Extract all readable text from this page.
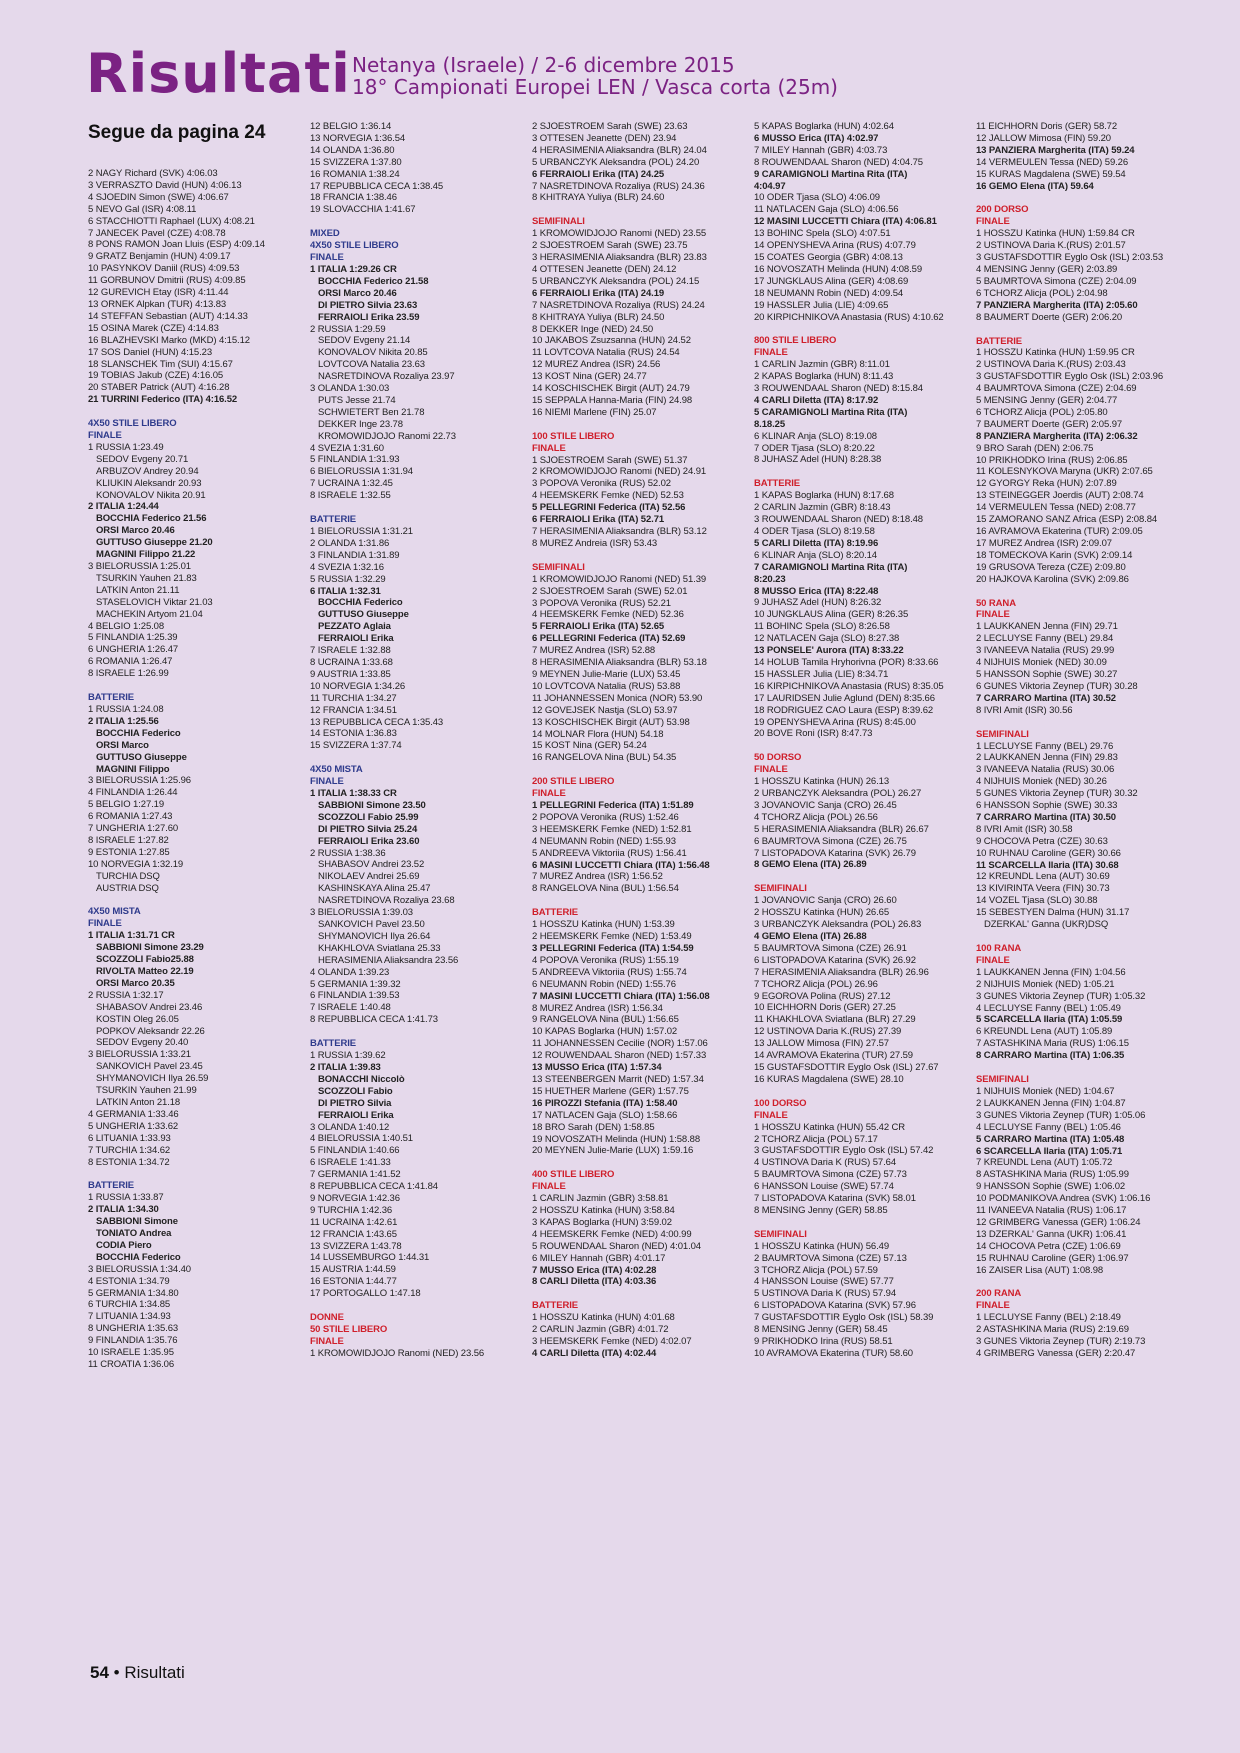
Risultati Netanya (Israele) / 2-6 dicembre 2015
18° Campionati Europei LEN / Vasca corta (25m)
Segue da pagina 24
2 NAGY Richard (SVK) 4:06.03
3 VERRASZTO David (HUN) 4:06.13
4 SJOEDIN Simon (SWE) 4:06.67
5 NEVO Gal (ISR) 4:08.11
6 STACCHIOTTI Raphael (LUX) 4:08.21
7 JANECEK Pavel (CZE) 4:08.78
8 PONS RAMON Joan Lluis (ESP) 4:09.14
9 GRATZ Benjamin (HUN) 4:09.17
10 PASYNKOV Daniil (RUS) 4:09.53
11 GORBUNOV Dmitrii (RUS) 4:09.85
12 GUREVICH Etay (ISR) 4:11.44
13 ORNEK Alpkan (TUR) 4:13.83
14 STEFFAN Sebastian (AUT) 4:14.33
15 OSINA Marek (CZE) 4:14.83
16 BLAZHEVSKI Marko (MKD) 4:15.12
17 SOS Daniel (HUN) 4:15.23
18 SLANSCHEK Tim (SUI) 4:15.67
19 TOBIAS Jakub (CZE) 4:16.05
20 STABER Patrick (AUT) 4:16.28
21 TURRINI Federico (ITA) 4:16.52
4X50 STILE LIBERO
FINALE
1 RUSSIA 1:23.49
SEDOV Evgeny 20.71
ARBUZOV Andrey 20.94
KLIUKIN Aleksandr 20.93
KONOVALOV Nikita 20.91
2 ITALIA 1:24.44
BOCCHIA Federico 21.56
ORSI Marco 20.46
GUTTUSO Giuseppe 21.20
MAGNINI Filippo 21.22
3 BIELORUSSIA 1:25.01
TSURKIN Yauhen 21.83
LATKIN Anton 21.11
STASELOVICH Viktar 21.03
MACHEKIN Artyom 21.04
4 BELGIO 1:25.08
5 FINLANDIA 1:25.39
6 UNGHERIA 1:26.47
6 ROMANIA 1:26.47
8 ISRAELE 1:26.99
BATTERIE
1 RUSSIA 1:24.08
2 ITALIA 1:25.56
BOCCHIA Federico
ORSI Marco
GUTTUSO Giuseppe
MAGNINI Filippo
3 BIELORUSSIA 1:25.96
4 FINLANDIA 1:26.44
5 BELGIO 1:27.19
6 ROMANIA 1:27.43
7 UNGHERIA 1:27.60
8 ISRAELE 1:27.82
9 ESTONIA 1:27.85
10 NORVEGIA 1:32.19
TURCHIA DSQ
AUSTRIA DSQ
4X50 MISTA
FINALE
1 ITALIA 1:31.71 CR
SABBIONI Simone 23.29
SCOZZOLI Fabio25.88
RIVOLTA Matteo 22.19
ORSI Marco 20.35
2 RUSSIA 1:32.17
SHABASOV Andrei 23.46
KOSTIN Oleg 26.05
POPKOV Aleksandr 22.26
SEDOV Evgeny 20.40
3 BIELORUSSIA 1:33.21
SANKOVICH Pavel 23.45
SHYMANOVICH Ilya 26.59
TSURKIN Yauhen 21.99
LATKIN Anton 21.18
4 GERMANIA 1:33.46
5 UNGHERIA 1:33.62
6 LITUANIA 1:33.93
7 TURCHIA 1:34.62
8 ESTONIA 1:34.72
BATTERIE
1 RUSSIA 1:33.87
2 ITALIA 1:34.30
SABBIONI Simone
TONIATO Andrea
CODIA Piero
BOCCHIA Federico
3 BIELORUSSIA 1:34.40
4 ESTONIA 1:34.79
5 GERMANIA 1:34.80
6 TURCHIA 1:34.85
7 LITUANIA 1:34.93
8 UNGHERIA 1:35.63
9 FINLANDIA 1:35.76
10 ISRAELE 1:35.95
11 CROATIA 1:36.06
12 BELGIO 1:36.14
13 NORVEGIA 1:36.54
14 OLANDA 1:36.80
15 SVIZZERA 1:37.80
16 ROMANIA 1:38.24
17 REPUBBLICA CECA 1:38.45
18 FRANCIA 1:38.46
19 SLOVACCHIA 1:41.67
MIXED
4X50 STILE LIBERO
FINALE
1 ITALIA 1:29.26 CR
BOCCHIA Federico 21.58
ORSI Marco 20.46
DI PIETRO Silvia 23.63
FERRAIOLI Erika 23.59
2 RUSSIA 1:29.59
SEDOV Evgeny 21.14
KONOVALOV Nikita 20.85
LOVTCOVA Natalia 23.63
NASRETDINOVA Rozaliya 23.97
3 OLANDA 1:30.03
PUTS Jesse 21.74
SCHWIETERT Ben 21.78
DEKKER Inge 23.78
KROMOWIDJOJO Ranomi 22.73
4 SVEZIA 1:31.60
5 FINLANDIA 1:31.93
6 BIELORUSSIA 1:31.94
7 UCRAINA 1:32.45
8 ISRAELE 1:32.55
BATTERIE
1 BIELORUSSIA 1:31.21
2 OLANDA 1:31.86
3 FINLANDIA 1:31.89
4 SVEZIA 1:32.16
5 RUSSIA 1:32.29
6 ITALIA 1:32.31
BOCCHIA Federico
GUTTUSO Giuseppe
PEZZATO Aglaia
FERRAIOLI Erika
7 ISRAELE 1:32.88
8 UCRAINA 1:33.68
9 AUSTRIA 1:33.85
10 NORVEGIA 1:34.26
11 TURCHIA 1:34.27
12 FRANCIA 1:34.51
13 REPUBBLICA CECA 1:35.43
14 ESTONIA 1:36.83
15 SVIZZERA 1:37.74
4X50 MISTA
FINALE
1 ITALIA 1:38.33 CR
SABBIONI Simone 23.50
SCOZZOLI Fabio 25.99
DI PIETRO Silvia 25.24
FERRAIOLI Erika 23.60
2 RUSSIA 1:38.36
SHABASOV Andrei 23.52
NIKOLAEV Andrei 25.69
KASHINSKAYA Alina 25.47
NASRETDINOVA Rozaliya 23.68
3 BIELORUSSIA 1:39.03
SANKOVICH Pavel 23.50
SHYMANOVICH Ilya 26.64
KHAKHLOVA Sviatlana 25.33
HERASIMENIA Aliaksandra 23.56
4 OLANDA 1:39.23
5 GERMANIA 1:39.32
6 FINLANDIA 1:39.53
7 ISRAELE 1:40.48
8 REPUBBLICA CECA 1:41.73
BATTERIE
1 RUSSIA 1:39.62
2 ITALIA 1:39.83
BONACCHI Niccolò
SCOZZOLI Fabio
DI PIETRO Silvia
FERRAIOLI Erika
3 OLANDA 1:40.12
4 BIELORUSSIA 1:40.51
5 FINLANDIA 1:40.66
6 ISRAELE 1:41.33
7 GERMANIA 1:41.52
8 REPUBBLICA CECA 1:41.84
9 NORVEGIA 1:42.36
9 TURCHIA 1:42.36
11 UCRAINA 1:42.61
12 FRANCIA 1:43.65
13 SVIZZERA 1:43.78
14 LUSSEMBURGO 1:44.31
15 AUSTRIA 1:44.59
16 ESTONIA 1:44.77
17 PORTOGALLO 1:47.18
DONNE
50 STILE LIBERO
FINALE
1 KROMOWIDJOJO Ranomi (NED) 23.56
2 SJOESTROEM Sarah (SWE) 23.63
3 OTTESEN Jeanette (DEN) 23.94
4 HERASIMENIA Aliaksandra (BLR) 24.04
5 URBANCZYK Aleksandra (POL) 24.20
6 FERRAIOLI Erika (ITA) 24.25
7 NASRETDINOVA Rozaliya (RUS) 24.36
8 KHITRAYA Yuliya (BLR) 24.60
SEMIFINALI
1 KROMOWIDJOJO Ranomi (NED) 23.55
2 SJOESTROEM Sarah (SWE) 23.75
3 HERASIMENIA Aliaksandra (BLR) 23.83
4 OTTESEN Jeanette (DEN) 24.12
5 URBANCZYK Aleksandra (POL) 24.15
6 FERRAIOLI Erika (ITA) 24.19
7 NASRETDINOVA Rozaliya (RUS) 24.24
8 KHITRAYA Yuliya (BLR) 24.50
8 DEKKER Inge (NED) 24.50
10 JAKABOS Zsuzsanna (HUN) 24.52
11 LOVTCOVA Natalia (RUS) 24.54
12 MUREZ Andrea (ISR) 24.56
13 KOST Nina (GER) 24.77
14 KOSCHISCHEK Birgit (AUT) 24.79
15 SEPPALA Hanna-Maria (FIN) 24.98
16 NIEMI Marlene (FIN) 25.07
100 STILE LIBERO
FINALE
1 SJOESTROEM Sarah (SWE) 51.37
2 KROMOWIDJOJO Ranomi (NED) 24.91
3 POPOVA Veronika (RUS) 52.02
4 HEEMSKERK Femke (NED) 52.53
5 PELLEGRINI Federica (ITA) 52.56
6 FERRAIOLI Erika (ITA) 52.71
7 HERASIMENIA Aliaksandra (BLR) 53.12
8 MUREZ Andreia (ISR) 53.43
SEMIFINALI
1 KROMOWIDJOJO Ranomi (NED) 51.39
2 SJOESTROEM Sarah (SWE) 52.01
3 POPOVA Veronika (RUS) 52.21
4 HEEMSKERK Femke (NED) 52.36
5 FERRAIOLI Erika (ITA) 52.65
6 PELLEGRINI Federica (ITA) 52.69
7 MUREZ Andrea (ISR) 52.88
8 HERASIMENIA Aliaksandra (BLR) 53.18
9 MEYNEN Julie-Marie (LUX) 53.45
10 LOVTCOVA Natalia (RUS) 53.88
11 JOHANNESSEN Monica (NOR) 53.90
12 GOVEJSEK Nastja (SLO) 53.97
13 KOSCHISCHEK Birgit (AUT) 53.98
14 MOLNAR Flora (HUN) 54.18
15 KOST Nina (GER) 54.24
16 RANGELOVA Nina (BUL) 54.35
200 STILE LIBERO
FINALE
1 PELLEGRINI Federica (ITA) 1:51.89
2 POPOVA Veronika (RUS) 1:52.46
3 HEEMSKERK Femke (NED) 1:52.81
4 NEUMANN Robin (NED) 1:55.93
5 ANDREEVA Viktoriia (RUS) 1:56.41
6 MASINI LUCCETTI Chiara (ITA) 1:56.48
7 MUREZ Andrea (ISR) 1:56.52
8 RANGELOVA Nina (BUL) 1:56.54
BATTERIE
1 HOSSZU Katinka (HUN) 1:53.39
2 HEEMSKERK Femke (NED) 1:53.49
3 PELLEGRINI Federica (ITA) 1:54.59
4 POPOVA Veronika (RUS) 1:55.19
5 ANDREEVA Viktoriia (RUS) 1:55.74
6 NEUMANN Robin (NED) 1:55.76
7 MASINI LUCCETTI Chiara (ITA) 1:56.08
8 MUREZ Andrea (ISR) 1:56.34
9 RANGELOVA Nina (BUL) 1:56.65
10 KAPAS Boglarka (HUN) 1:57.02
11 JOHANNESSEN Cecilie (NOR) 1:57.06
12 ROUWENDAAL Sharon (NED) 1:57.33
13 MUSSO Erica (ITA) 1:57.34
13 STEENBERGEN Marrit (NED) 1:57.34
15 HUETHER Marlene (GER) 1:57.75
16 PIROZZI Stefania (ITA) 1:58.40
17 NATLACEN Gaja (SLO) 1:58.66
18 BRO Sarah (DEN) 1:58.85
19 NOVOSZATH Melinda (HUN) 1:58.88
20 MEYNEN Julie-Marie (LUX) 1:59.16
400 STILE LIBERO
FINALE
1 CARLIN Jazmin (GBR) 3:58.81
2 HOSSZU Katinka (HUN) 3:58.84
3 KAPAS Boglarka (HUN) 3:59.02
4 HEEMSKERK Femke (NED) 4:00.99
5 ROUWENDAAL Sharon (NED) 4:01.04
6 MILEY Hannah (GBR) 4:01.17
7 MUSSO Erica (ITA) 4:02.28
8 CARLI Diletta (ITA) 4:03.36
BATTERIE
1 HOSSZU Katinka (HUN) 4:01.68
2 CARLIN Jazmin (GBR) 4:01.72
3 HEEMSKERK Femke (NED) 4:02.07
4 CARLI Diletta (ITA) 4:02.44
5 KAPAS Boglarka (HUN) 4:02.64
6 MUSSO Erica (ITA) 4:02.97
7 MILEY Hannah (GBR) 4:03.73
8 ROUWENDAAL Sharon (NED) 4:04.75
9 CARAMIGNOLI Martina Rita (ITA)
4:04.97
10 ODER Tjasa (SLO) 4:06.09
11 NATLACEN Gaja (SLO) 4:06.56
12 MASINI LUCCETTI Chiara (ITA) 4:06.81
13 BOHINC Spela (SLO) 4:07.51
14 OPENYSHEVA Arina (RUS) 4:07.79
15 COATES Georgia (GBR) 4:08.13
16 NOVOSZATH Melinda (HUN) 4:08.59
17 JUNGKLAUS Alina (GER) 4:08.69
18 NEUMANN Robin (NED) 4:09.54
19 HASSLER Julia (LIE) 4:09.65
20 KIRPICHNIKOVA Anastasia (RUS) 4:10.62
800 STILE LIBERO
FINALE
1 CARLIN Jazmin (GBR) 8:11.01
2 KAPAS Boglarka (HUN) 8:11.43
3 ROUWENDAAL Sharon (NED) 8:15.84
4 CARLI Diletta (ITA) 8:17.92
5 CARAMIGNOLI Martina Rita (ITA)
8.18.25
6 KLINAR Anja (SLO) 8:19.08
7 ODER Tjasa (SLO) 8:20.22
8 JUHASZ Adel (HUN) 8:28.38
BATTERIE
1 KAPAS Boglarka (HUN) 8:17.68
2 CARLIN Jazmin (GBR) 8:18.43
3 ROUWENDAAL Sharon (NED) 8:18.48
4 ODER Tjasa (SLO) 8:19.58
5 CARLI Diletta (ITA) 8:19.96
6 KLINAR Anja (SLO) 8:20.14
7 CARAMIGNOLI Martina Rita (ITA)
8:20.23
8 MUSSO Erica (ITA) 8:22.48
9 JUHASZ Adel (HUN) 8:26.32
10 JUNGKLAUS Alina (GER) 8:26.35
11 BOHINC Spela (SLO) 8:26.58
12 NATLACEN Gaja (SLO) 8:27.38
13 PONSELE' Aurora (ITA) 8:33.22
14 HOLUB Tamila Hryhorivna (POR) 8:33.66
15 HASSLER Julia (LIE) 8:34.71
16 KIRPICHNIKOVA Anastasia (RUS) 8:35.05
17 LAURIDSEN Julie Aglund (DEN) 8:35.66
18 RODRIGUEZ CAO Laura (ESP) 8:39.62
19 OPENYSHEVA Arina (RUS) 8:45.00
20 BOVE Roni (ISR) 8:47.73
50 DORSO
FINALE
1 HOSSZU Katinka (HUN) 26.13
2 URBANCZYK Aleksandra (POL) 26.27
3 JOVANOVIC Sanja (CRO) 26.45
4 TCHORZ Alicja (POL) 26.56
5 HERASIMENIA Aliaksandra (BLR) 26.67
6 BAUMRTOVA Simona (CZE) 26.75
7 LISTOPADOVA Katarina (SVK) 26.79
8 GEMO Elena (ITA) 26.89
SEMIFINALI
1 JOVANOVIC Sanja (CRO) 26.60
2 HOSSZU Katinka (HUN) 26.65
3 URBANCZYK Aleksandra (POL) 26.83
4 GEMO Elena (ITA) 26.88
5 BAUMRTOVA Simona (CZE) 26.91
6 LISTOPADOVA Katarina (SVK) 26.92
7 HERASIMENIA Aliaksandra (BLR) 26.96
7 TCHORZ Alicja (POL) 26.96
9 EGOROVA Polina (RUS) 27.12
10 EICHHORN Doris (GER) 27.25
11 KHAKHLOVA Sviatlana (BLR) 27.29
12 USTINOVA Daria K.(RUS) 27.39
13 JALLOW Mimosa (FIN) 27.57
14 AVRAMOVA Ekaterina (TUR) 27.59
15 GUSTAFSDOTTIR Eyglo Osk (ISL) 27.67
16 KURAS Magdalena (SWE) 28.10
100 DORSO
FINALE
1 HOSSZU Katinka (HUN) 55.42 CR
2 TCHORZ Alicja (POL) 57.17
3 GUSTAFSDOTTIR Eyglo Osk (ISL) 57.42
4 USTINOVA Daria K (RUS) 57.64
5 BAUMRTOVA Simona (CZE) 57.73
6 HANSSON Louise (SWE) 57.74
7 LISTOPADOVA Katarina (SVK) 58.01
8 MENSING Jenny (GER) 58.85
SEMIFINALI
1 HOSSZU Katinka (HUN) 56.49
2 BAUMRTOVA Simona (CZE) 57.13
3 TCHORZ Alicja (POL) 57.59
4 HANSSON Louise (SWE) 57.77
5 USTINOVA Daria K (RUS) 57.94
6 LISTOPADOVA Katarina (SVK) 57.96
7 GUSTAFSDOTTIR Eyglo Osk (ISL) 58.39
8 MENSING Jenny (GER) 58.45
9 PRIKHODKO Irina (RUS) 58.51
10 AVRAMOVA Ekaterina (TUR) 58.60
11 EICHHORN Doris (GER) 58.72
12 JALLOW Mimosa (FIN) 59.20
13 PANZIERA Margherita (ITA) 59.24
14 VERMEULEN Tessa (NED) 59.26
15 KURAS Magdalena (SWE) 59.54
16 GEMO Elena (ITA) 59.64
200 DORSO
FINALE
1 HOSSZU Katinka (HUN) 1:59.84 CR
2 USTINOVA Daria K.(RUS) 2:01.57
3 GUSTAFSDOTTIR Eyglo Osk (ISL) 2:03.53
4 MENSING Jenny (GER) 2:03.89
5 BAUMRTOVA Simona (CZE) 2:04.09
6 TCHORZ Alicja (POL) 2:04.98
7 PANZIERA Margherita (ITA) 2:05.60
8 BAUMERT Doerte (GER) 2:06.20
BATTERIE
1 HOSSZU Katinka (HUN) 1:59.95 CR
2 USTINOVA Daria K.(RUS) 2:03.43
3 GUSTAFSDOTTIR Eyglo Osk (ISL) 2:03.96
4 BAUMRTOVA Simona (CZE) 2:04.69
5 MENSING Jenny (GER) 2:04.77
6 TCHORZ Alicja (POL) 2:05.80
7 BAUMERT Doerte (GER) 2:05.97
8 PANZIERA Margherita (ITA) 2:06.32
9 BRO Sarah (DEN) 2:06.75
10 PRIKHODKO Irina (RUS) 2:06.85
11 KOLESNYKOVA Maryna (UKR) 2:07.65
12 GYORGY Reka (HUN) 2:07.89
13 STEINEGGER Joerdis (AUT) 2:08.74
14 VERMEULEN Tessa (NED) 2:08.77
15 ZAMORANO SANZ Africa (ESP) 2:08.84
16 AVRAMOVA Ekaterina (TUR) 2:09.05
17 MUREZ Andrea (ISR) 2:09.07
18 TOMECKOVA Karin (SVK) 2:09.14
19 GRUSOVA Tereza (CZE) 2:09.80
20 HAJKOVA Karolina (SVK) 2:09.86
50 RANA
FINALE
1 LAUKKANEN Jenna (FIN) 29.71
2 LECLUYSE Fanny (BEL) 29.84
3 IVANEEVA Natalia (RUS) 29.99
4 NIJHUIS Moniek (NED) 30.09
5 HANSSON Sophie (SWE) 30.27
6 GUNES Viktoria Zeynep (TUR) 30.28
7 CARRARO Martina (ITA) 30.52
8 IVRI Amit (ISR) 30.56
SEMIFINALI
1 LECLUYSE Fanny (BEL) 29.76
2 LAUKKANEN Jenna (FIN) 29.83
3 IVANEEVA Natalia (RUS) 30.06
4 NIJHUIS Moniek (NED) 30.26
5 GUNES Viktoria Zeynep (TUR) 30.32
6 HANSSON Sophie (SWE) 30.33
7 CARRARO Martina (ITA) 30.50
8 IVRI Amit (ISR) 30.58
9 CHOCOVA Petra (CZE) 30.63
10 RUHNAU Caroline (GER) 30.66
11 SCARCELLA Ilaria (ITA) 30.68
12 KREUNDL Lena (AUT) 30.69
13 KIVIRINTA Veera (FIN) 30.73
14 VOZEL Tjasa (SLO) 30.88
15 SEBESTYEN Dalma (HUN) 31.17
DZERKAL' Ganna (UKR)DSQ
100 RANA
FINALE
1 LAUKKANEN Jenna (FIN) 1:04.56
2 NIJHUIS Moniek (NED) 1:05.21
3 GUNES Viktoria Zeynep (TUR) 1:05.32
4 LECLUYSE Fanny (BEL) 1:05.49
5 SCARCELLA Ilaria (ITA) 1:05.59
6 KREUNDL Lena (AUT) 1:05.89
7 ASTASHKINA Maria (RUS) 1:06.15
8 CARRARO Martina (ITA) 1:06.35
SEMIFINALI
1 NIJHUIS Moniek (NED) 1:04.67
2 LAUKKANEN Jenna (FIN) 1:04.87
3 GUNES Viktoria Zeynep (TUR) 1:05.06
4 LECLUYSE Fanny (BEL) 1:05.46
5 CARRARO Martina (ITA) 1:05.48
6 SCARCELLA Ilaria (ITA) 1:05.71
7 KREUNDL Lena (AUT) 1:05.72
8 ASTASHKINA Maria (RUS) 1:05.99
9 HANSSON Sophie (SWE) 1:06.02
10 PODMANIKOVA Andrea (SVK) 1:06.16
11 IVANEEVA Natalia (RUS) 1:06.17
12 GRIMBERG Vanessa (GER) 1:06.24
13 DZERKAL' Ganna (UKR) 1:06.41
14 CHOCOVA Petra (CZE) 1:06.69
15 RUHNAU Caroline (GER) 1:06.97
16 ZAISER Lisa (AUT) 1:08.98
200 RANA
FINALE
1 LECLUYSE Fanny (BEL) 2:18.49
2 ASTASHKINA Maria (RUS) 2:19.69
3 GUNES Viktoria Zeynep (TUR) 2:19.73
4 GRIMBERG Vanessa (GER) 2:20.47
54 • Risultati
